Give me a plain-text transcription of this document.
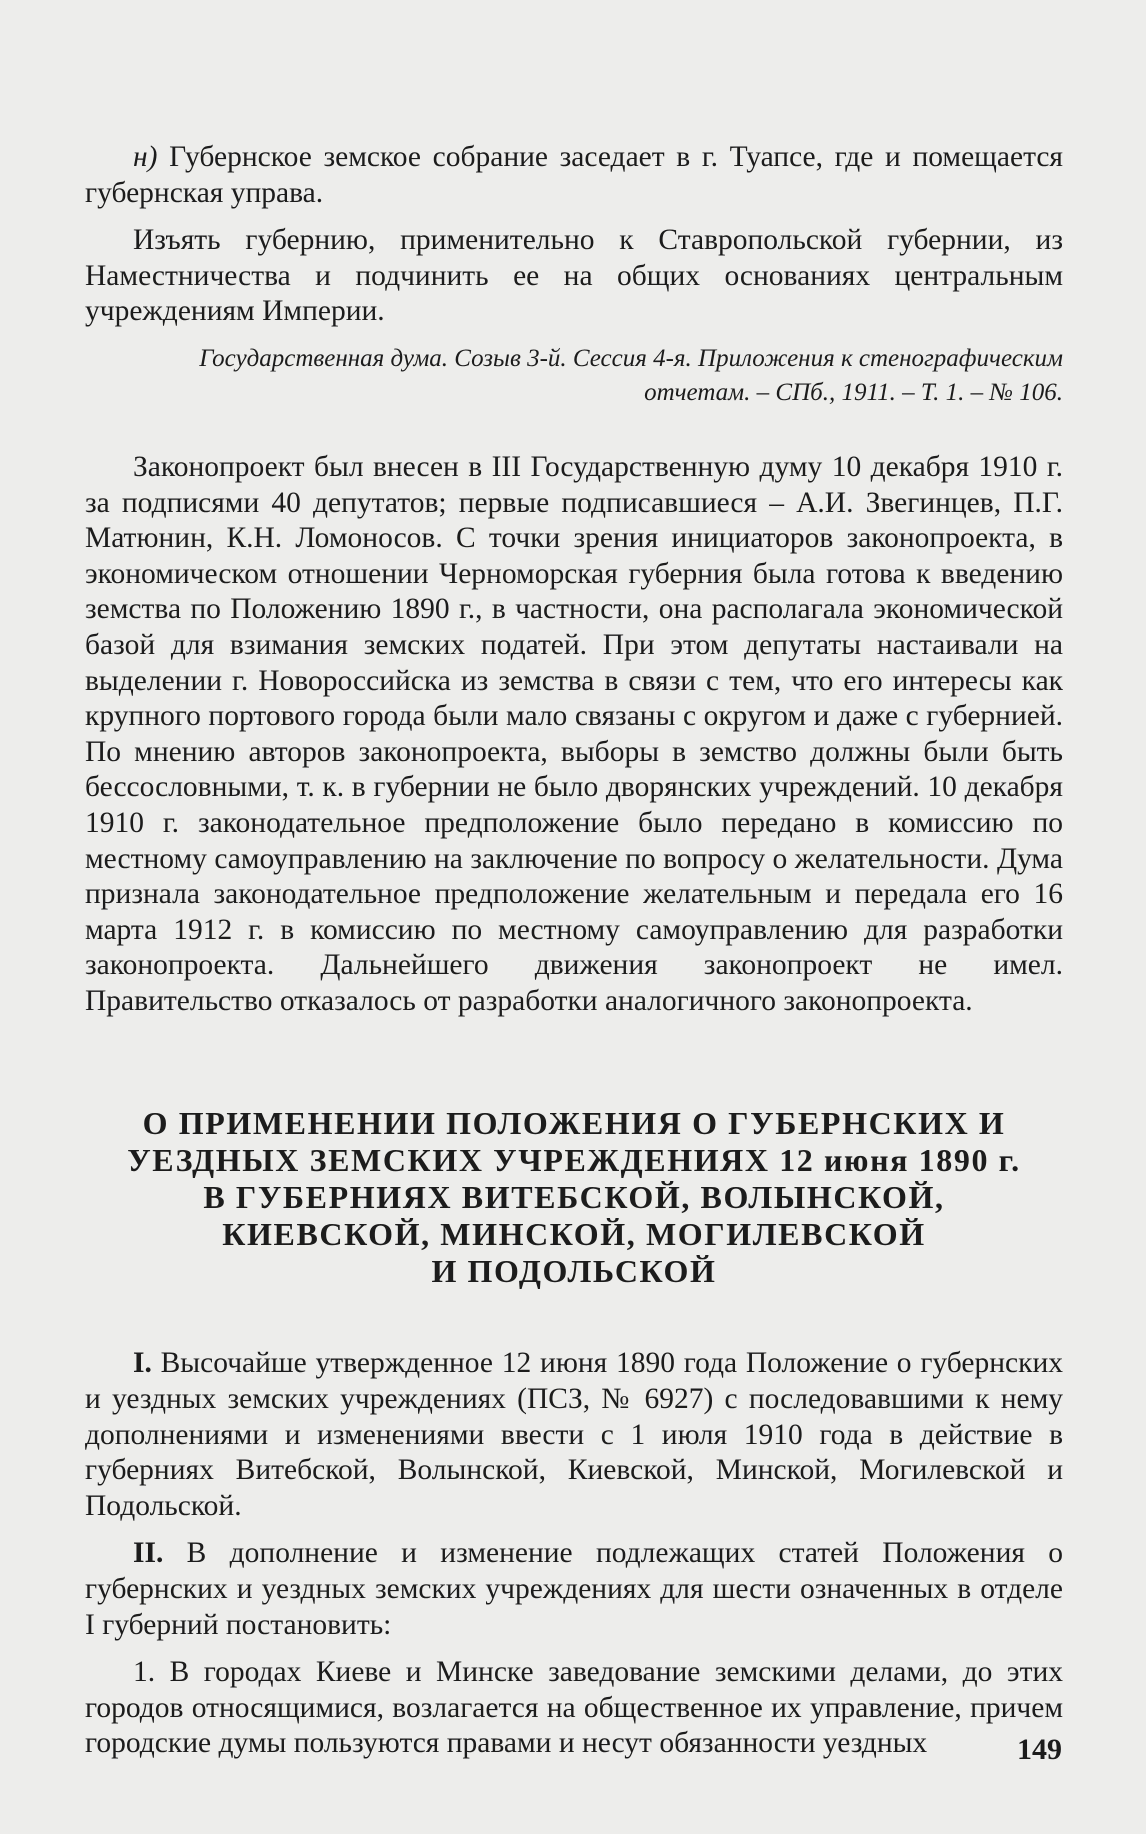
н) Губернское земское собрание заседает в г. Туапсе, где и помещается губернская управа.

Изъять губернию, применительно к Ставропольской губернии, из Наместничества и подчинить ее на общих основаниях центральным учреждениям Империи.

Государственная дума. Созыв 3-й. Сессия 4-я. Приложения к стенографическим
отчетам. – СПб., 1911. – Т. 1. – № 106.

Законопроект был внесен в III Государственную думу 10 декабря 1910 г. за подписями 40 депутатов; первые подписавшиеся – А.И. Звегинцев, П.Г. Матюнин, К.Н. Ломоносов. С точки зрения инициаторов законопроекта, в экономическом отношении Черноморская губерния была готова к введению земства по Положению 1890 г., в частности, она располагала экономической базой для взимания земских податей. При этом депутаты настаивали на выделении г. Новороссийска из земства в связи с тем, что его интересы как крупного портового города были мало связаны с округом и даже с губернией. По мнению авторов законопроекта, выборы в земство должны были быть бессословными, т. к. в губернии не было дворянских учреждений. 10 декабря 1910 г. законодательное предположение было передано в комиссию по местному самоуправлению на заключение по вопросу о желательности. Дума признала законодательное предположение желательным и передала его 16 марта 1912 г. в комиссию по местному самоуправлению для разработки законопроекта. Дальнейшего движения законопроект не имел. Правительство отказалось от разработки аналогичного законопроекта.

О ПРИМЕНЕНИИ ПОЛОЖЕНИЯ О ГУБЕРНСКИХ И
УЕЗДНЫХ ЗЕМСКИХ УЧРЕЖДЕНИЯХ 12 июня 1890 г.
В ГУБЕРНИЯХ ВИТЕБСКОЙ, ВОЛЫНСКОЙ,
КИЕВСКОЙ, МИНСКОЙ, МОГИЛЕВСКОЙ
И ПОДОЛЬСКОЙ

I. Высочайше утвержденное 12 июня 1890 года Положение о губернских и уездных земских учреждениях (ПСЗ, № 6927) с последовавшими к нему дополнениями и изменениями ввести с 1 июля 1910 года в действие в губерниях Витебской, Волынской, Киевской, Минской, Могилевской и Подольской.

II. В дополнение и изменение подлежащих статей Положения о губернских и уездных земских учреждениях для шести означенных в отделе I губерний постановить:

1. В городах Киеве и Минске заведование земскими делами, до этих городов относящимися, возлагается на общественное их управление, причем городские думы пользуются правами и несут обязанности уездных	149
